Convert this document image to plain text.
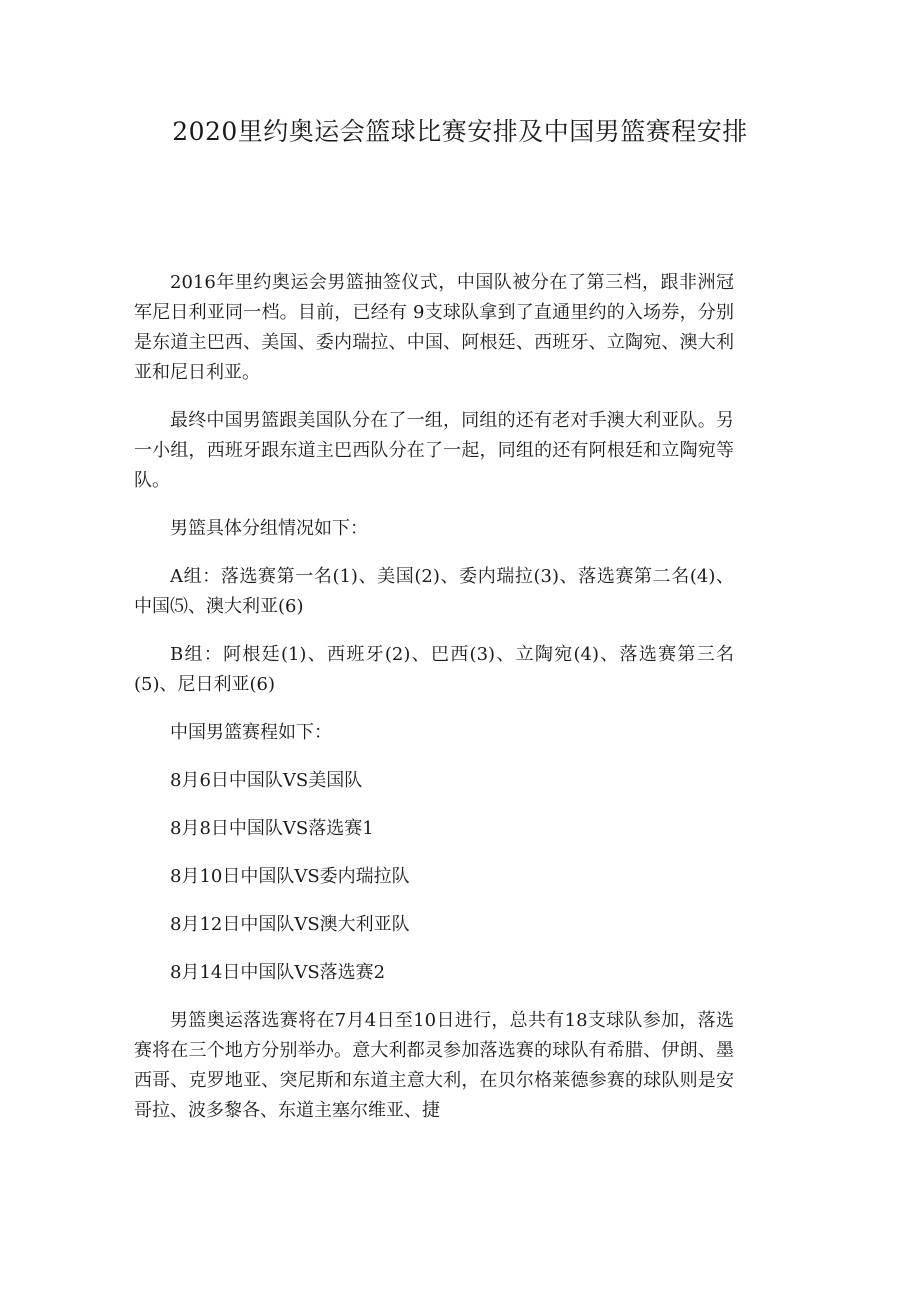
2020里约奥运会篮球比赛安排及中国男篮赛程安排

2016年里约奥运会男篮抽签仪式，中国队被分在了第三档，跟非洲冠军尼日利亚同一档。目前，已经有 9支球队拿到了直通里约的入场券，分别是东道主巴西、美国、委内瑞拉、中国、阿根廷、西班牙、立陶宛、澳大利亚和尼日利亚。

最终中国男篮跟美国队分在了一组，同组的还有老对手澳大利亚队。另一小组，西班牙跟东道主巴西队分在了一起，同组的还有阿根廷和立陶宛等队。

男篮具体分组情况如下：

A组：落选赛第一名(1)、美国(2)、委内瑞拉(3)、落选赛第二名(4)、中国⑸、澳大利亚(6)

B组：阿根廷(1)、西班牙(2)、巴西(3)、立陶宛(4)、落选赛第三名(5)、尼日利亚(6)

中国男篮赛程如下：

8月6日中国队VS美国队

8月8日中国队VS落选赛1

8月10日中国队VS委内瑞拉队

8月12日中国队VS澳大利亚队

8月14日中国队VS落选赛2

男篮奥运落选赛将在7月4日至10日进行，总共有18支球队参加，落选赛将在三个地方分别举办。意大利都灵参加落选赛的球队有希腊、伊朗、墨西哥、克罗地亚、突尼斯和东道主意大利，在贝尔格莱德参赛的球队则是安哥拉、波多黎各、东道主塞尔维亚、捷
